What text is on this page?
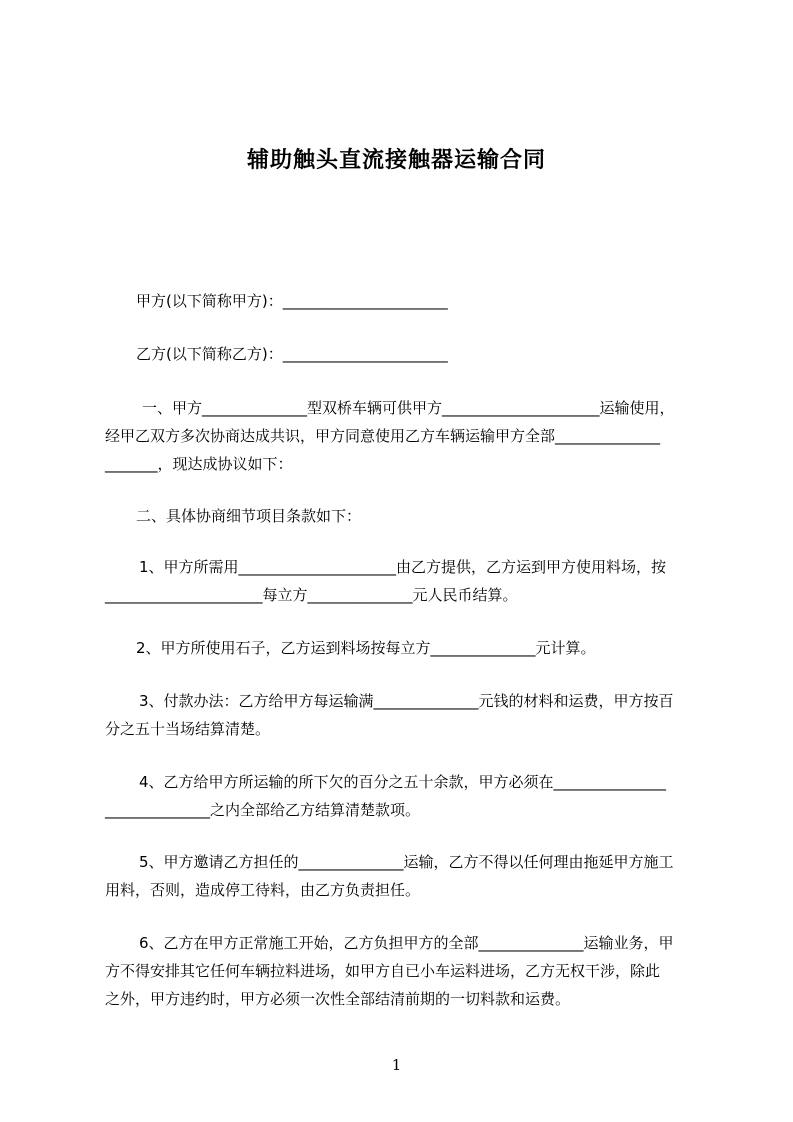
辅助触头直流接触器运输合同

甲方(以下简称甲方)：______________________

乙方(以下简称乙方)：______________________

一、甲方______________型双桥车辆可供甲方_____________________运输使用，
经甲乙双方多次协商达成共识，甲方同意使用乙方车辆运输甲方全部______________
_______，现达成协议如下：

二、具体协商细节项目条款如下：

1、甲方所需用_____________________由乙方提供，乙方运到甲方使用料场，按
_____________________每立方______________元人民币结算。

2、甲方所使用石子，乙方运到料场按每立方______________元计算。

3、付款办法：乙方给甲方每运输满______________元钱的材料和运费，甲方按百
分之五十当场结算清楚。
4、乙方给甲方所运输的所下欠的百分之五十余款，甲方必须在_______________
______________之内全部给乙方结算清楚款项。
5、甲方邀请乙方担任的______________运输，乙方不得以任何理由拖延甲方施工
用料，否则，造成停工待料，由乙方负责担任。
6、乙方在甲方正常施工开始，乙方负担甲方的全部______________运输业务，甲
方不得安排其它任何车辆拉料进场，如甲方自已小车运料进场，乙方无权干涉，除此
之外，甲方违约时，甲方必须一次性全部结清前期的一切料款和运费。
1
